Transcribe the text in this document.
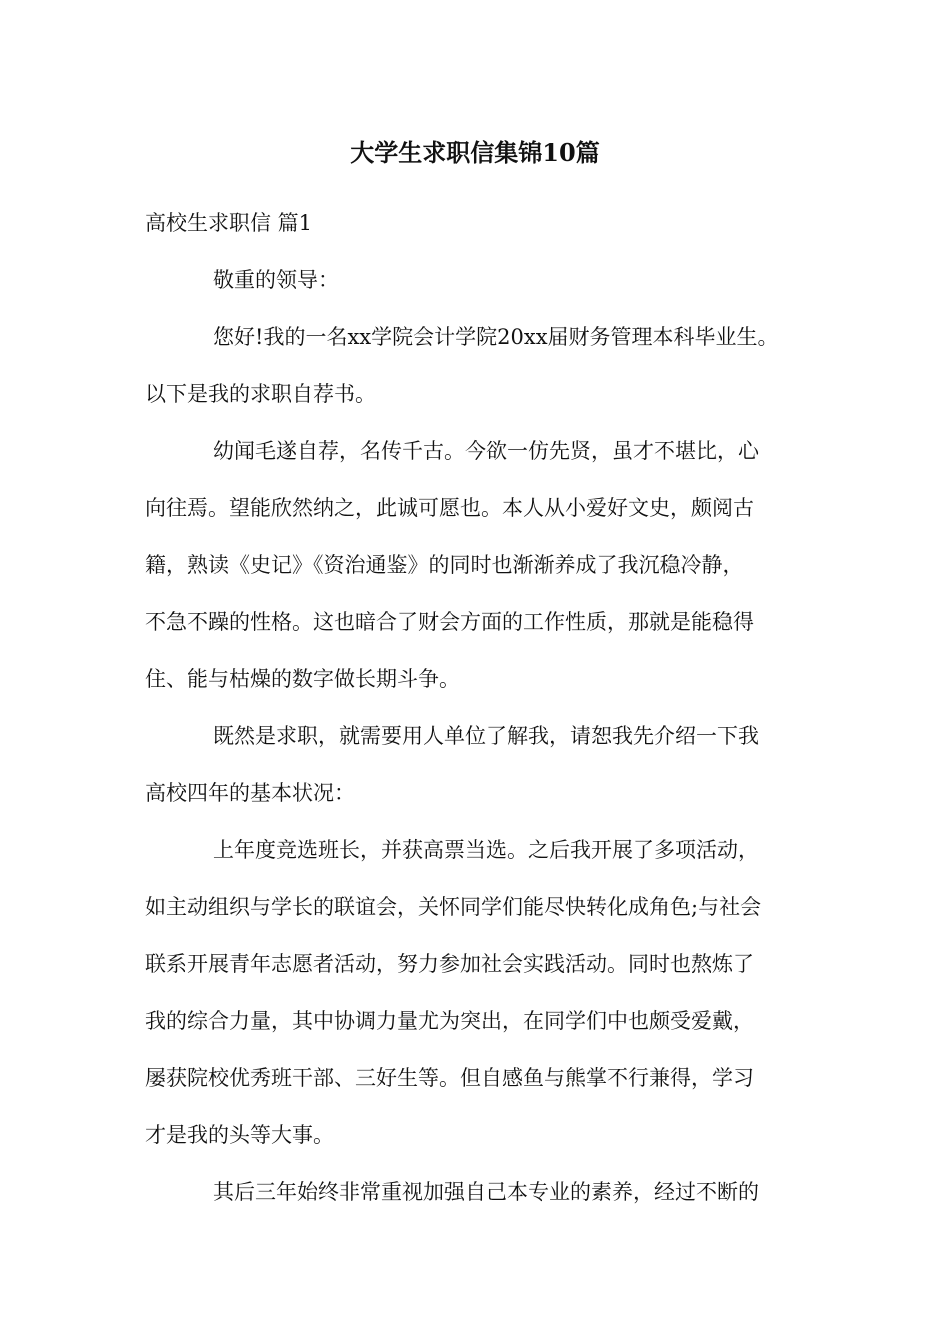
大学生求职信集锦10篇
高校生求职信 篇1
敬重的领导：
您好!我的一名xx学院会计学院20xx届财务管理本科毕业生。
以下是我的求职自荐书。
幼闻毛遂自荐，名传千古。今欲一仿先贤，虽才不堪比，心
向往焉。望能欣然纳之，此诚可愿也。本人从小爱好文史，颇阅古
籍，熟读《史记》《资治通鉴》的同时也渐渐养成了我沉稳冷静，
不急不躁的性格。这也暗合了财会方面的工作性质，那就是能稳得
住、能与枯燥的数字做长期斗争。
既然是求职，就需要用人单位了解我，请恕我先介绍一下我
高校四年的基本状况：
上年度竞选班长，并获高票当选。之后我开展了多项活动，
如主动组织与学长的联谊会，关怀同学们能尽快转化成角色;与社会
联系开展青年志愿者活动，努力参加社会实践活动。同时也熬炼了
我的综合力量，其中协调力量尤为突出，在同学们中也颇受爱戴，
屡获院校优秀班干部、三好生等。但自感鱼与熊掌不行兼得，学习
才是我的头等大事。
其后三年始终非常重视加强自己本专业的素养，经过不断的
